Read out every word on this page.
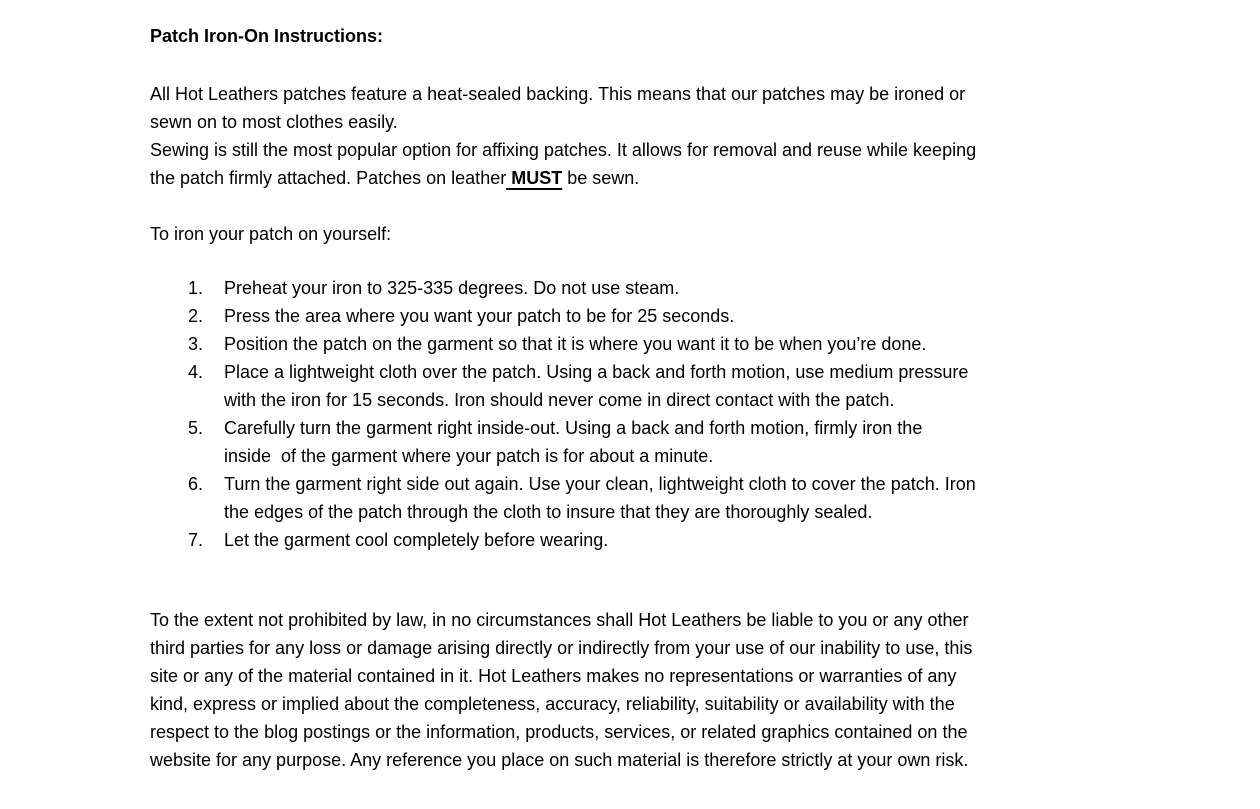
Patch Iron-On Instructions:
All Hot Leathers patches feature a heat-sealed backing. This means that our patches may be ironed or
sewn on to most clothes easily.
Sewing is still the most popular option for affixing patches. It allows for removal and reuse while keeping
the patch firmly attached. Patches on leather MUST be sewn.

To iron your patch on yourself:

1.	Preheat your iron to 325-335 degrees. Do not use steam.
2.	Press the area where you want your patch to be for 25 seconds.
3.	Position the patch on the garment so that it is where you want it to be when you’re done.
4.	Place a lightweight cloth over the patch. Using a back and forth motion, use medium pressure
with the iron for 15 seconds. Iron should never come in direct contact with the patch.
5.	Carefully turn the garment right inside-out. Using a back and forth motion, firmly iron the
inside  of the garment where your patch is for about a minute.
6.	Turn the garment right side out again. Use your clean, lightweight cloth to cover the patch. Iron
the edges of the patch through the cloth to insure that they are thoroughly sealed.
7.	Let the garment cool completely before wearing.
To the extent not prohibited by law, in no circumstances shall Hot Leathers be liable to you or any other
third parties for any loss or damage arising directly or indirectly from your use of our inability to use, this
site or any of the material contained in it. Hot Leathers makes no representations or warranties of any
kind, express or implied about the completeness, accuracy, reliability, suitability or availability with the
respect to the blog postings or the information, products, services, or related graphics contained on the
website for any purpose. Any reference you place on such material is therefore strictly at your own risk.
